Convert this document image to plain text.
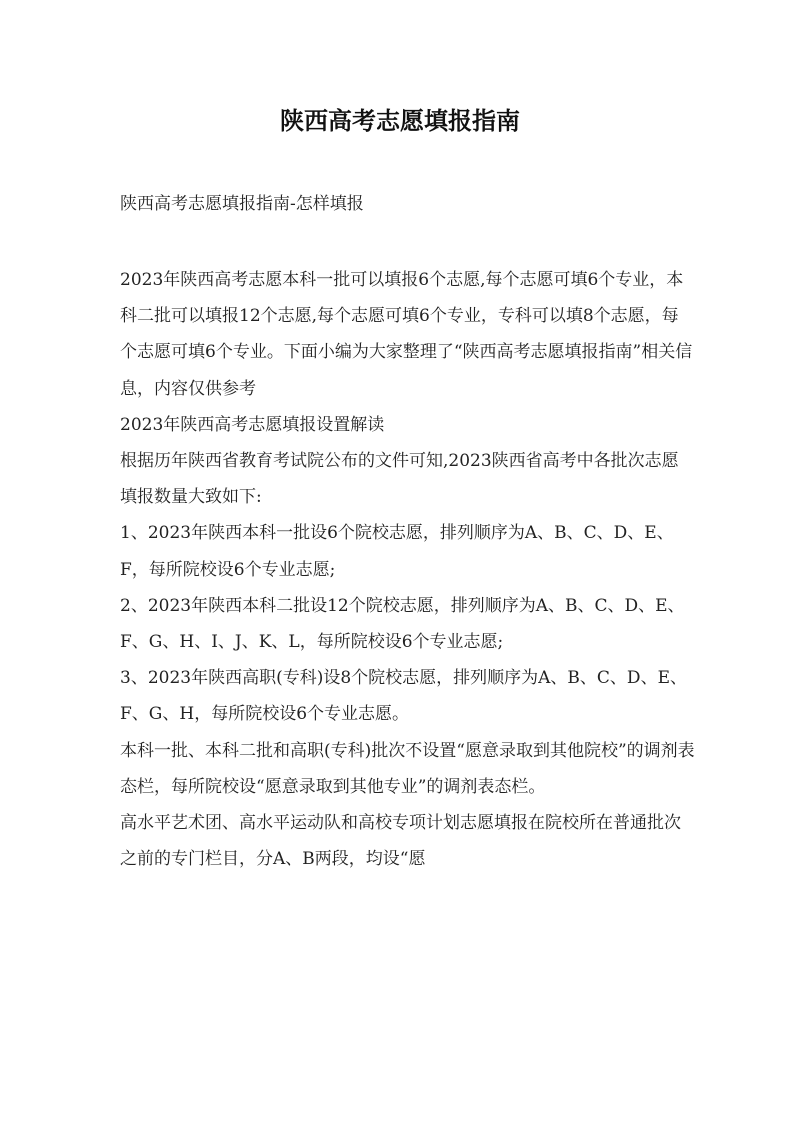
陕西高考志愿填报指南

陕西高考志愿填报指南-怎样填报

2023年陕西高考志愿本科一批可以填报6个志愿,每个志愿可填6个专业，本科二批可以填报12个志愿,每个志愿可填6个专业，专科可以填8个志愿，每个志愿可填6个专业。下面小编为大家整理了“陕西高考志愿填报指南”相关信息，内容仅供参考

2023年陕西高考志愿填报设置解读

根据历年陕西省教育考试院公布的文件可知,2023陕西省高考中各批次志愿填报数量大致如下:

1、2023年陕西本科一批设6个院校志愿，排列顺序为A、B、C、D、E、F，每所院校设6个专业志愿;

2、2023年陕西本科二批设12个院校志愿，排列顺序为A、B、C、D、E、F、G、H、I、J、K、L，每所院校设6个专业志愿;

3、2023年陕西高职(专科)设8个院校志愿，排列顺序为A、B、C、D、E、F、G、H，每所院校设6个专业志愿。

本科一批、本科二批和高职(专科)批次不设置“愿意录取到其他院校”的调剂表态栏，每所院校设“愿意录取到其他专业”的调剂表态栏。

高水平艺术团、高水平运动队和高校专项计划志愿填报在院校所在普通批次之前的专门栏目，分A、B两段，均设“愿
